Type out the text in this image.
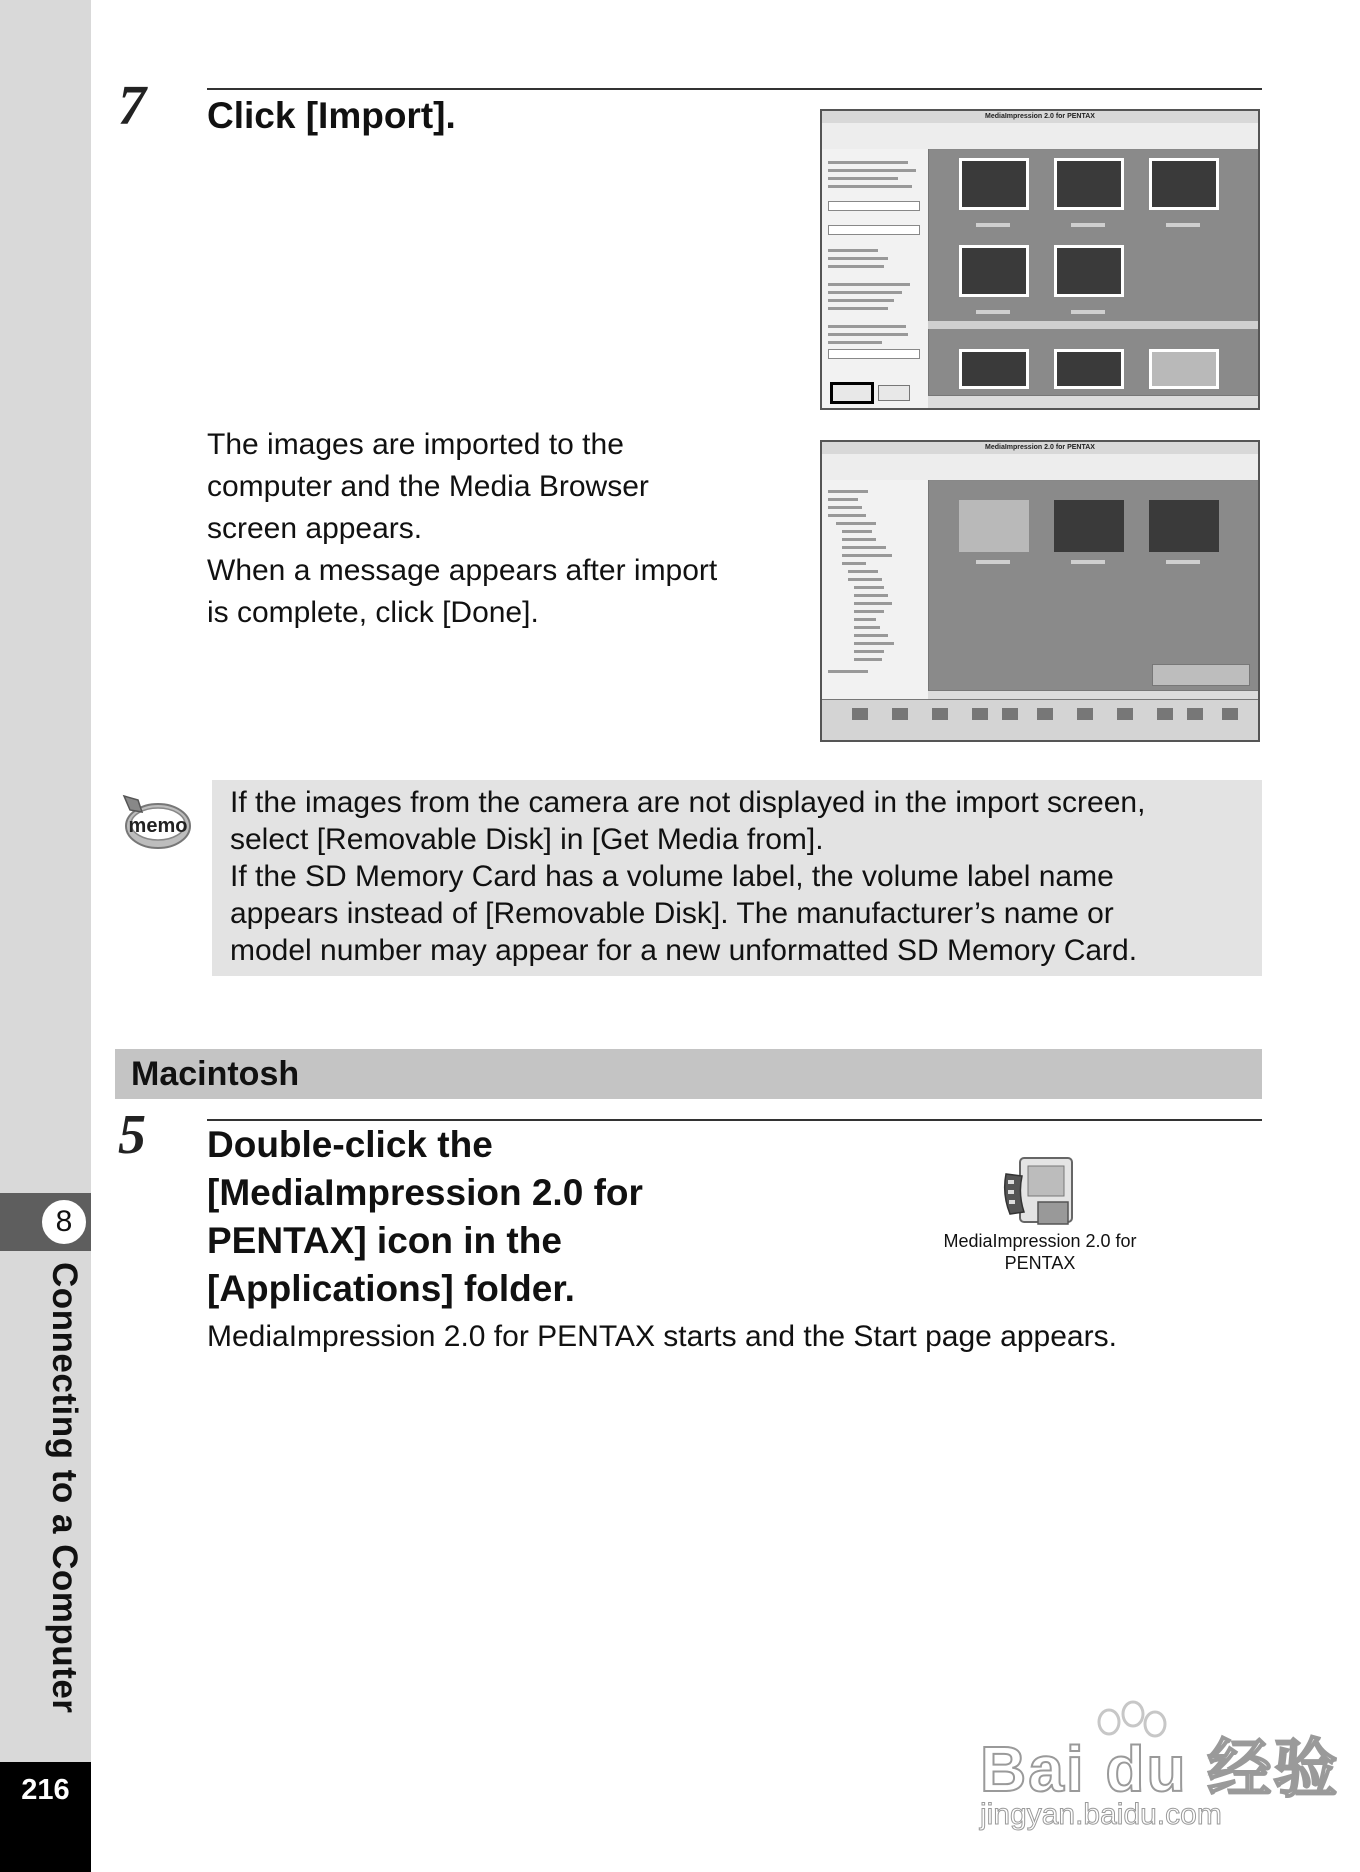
8
Connecting to a Computer
216
7 Click [Import].	MediaImpression 2.0 for PENTAX
The images are imported to the
computer and the Media Browser
screen appears.
When a message appears after import
is complete, click [Done].
MediaImpression 2.0 for PENTAX
memo
If the images from the camera are not displayed in the import screen,
select [Removable Disk] in [Get Media from].
If the SD Memory Card has a volume label, the volume label name
appears instead of [Removable Disk]. The manufacturer’s name or
model number may appear for a new unformatted SD Memory Card.
Macintosh
5 Double-click the
[MediaImpression 2.0 for
PENTAX] icon in the
[Applications] folder.
MediaImpression 2.0 for PENTAX starts and the Start page appears.
MediaImpression 2.0 for
PENTAX
Bai du 经验
jingyan.baidu.com
